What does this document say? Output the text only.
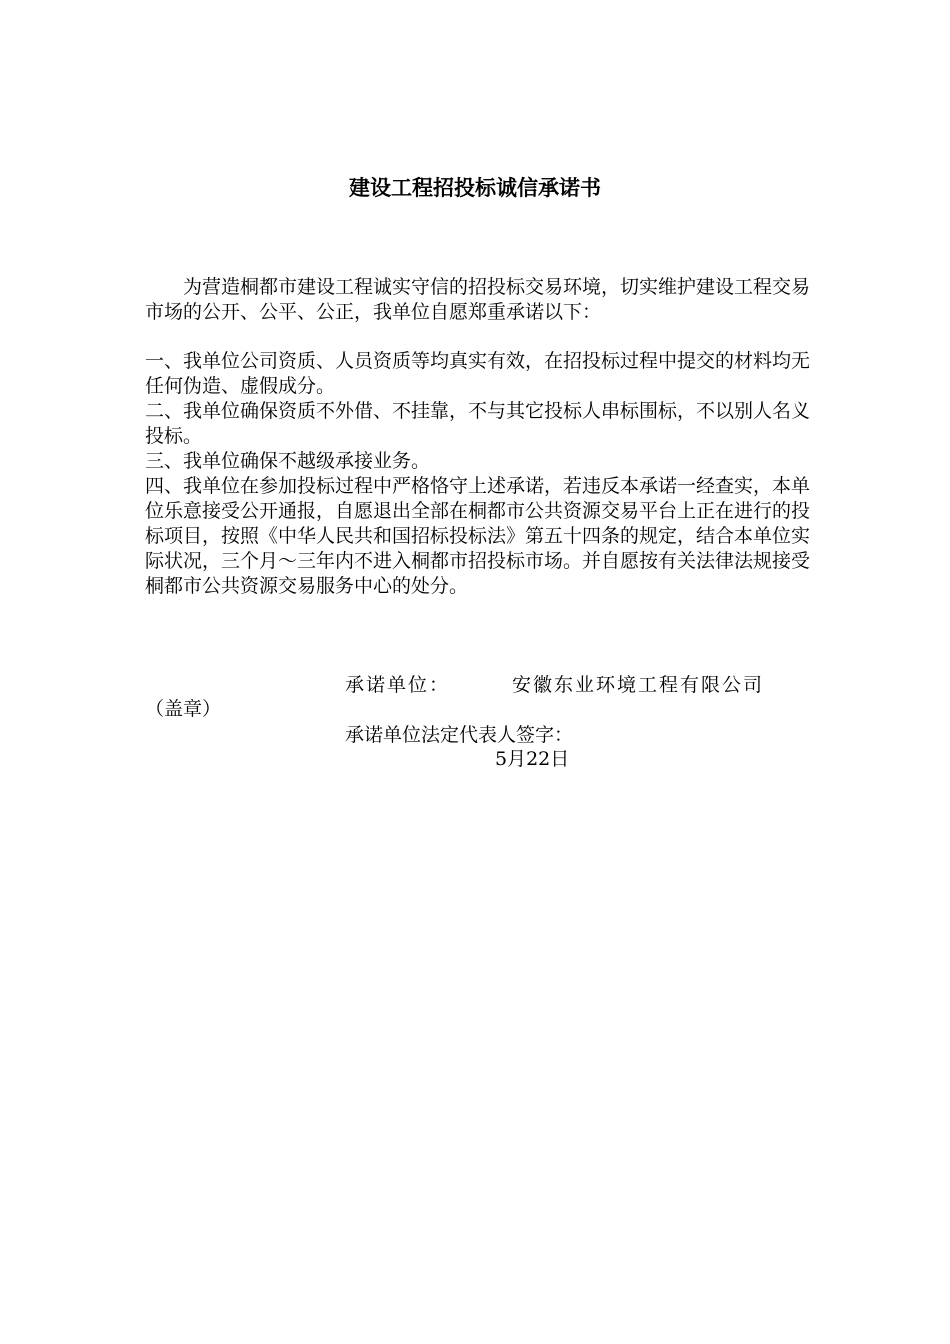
建设工程招投标诚信承诺书
为营造桐都市建设工程诚实守信的招投标交易环境，切实维护建设工程交易市场的公开、公平、公正，我单位自愿郑重承诺以下：

一、我单位公司资质、人员资质等均真实有效，在招投标过程中提交的材料均无任何伪造、虚假成分。

二、我单位确保资质不外借、不挂靠，不与其它投标人串标围标，不以别人名义投标。

三、我单位确保不越级承接业务。

四、我单位在参加投标过程中严格恪守上述承诺，若违反本承诺一经查实，本单位乐意接受公开通报，自愿退出全部在桐都市公共资源交易平台上正在进行的投标项目，按照《中华人民共和国招标投标法》第五十四条的规定，结合本单位实际状况，三个月～三年内不进入桐都市招投标市场。并自愿按有关法律法规接受桐都市公共资源交易服务中心的处分。

承诺单位：	安徽东业环境工程有限公司
（盖章）
承诺单位法定代表人签字：
5月22日
